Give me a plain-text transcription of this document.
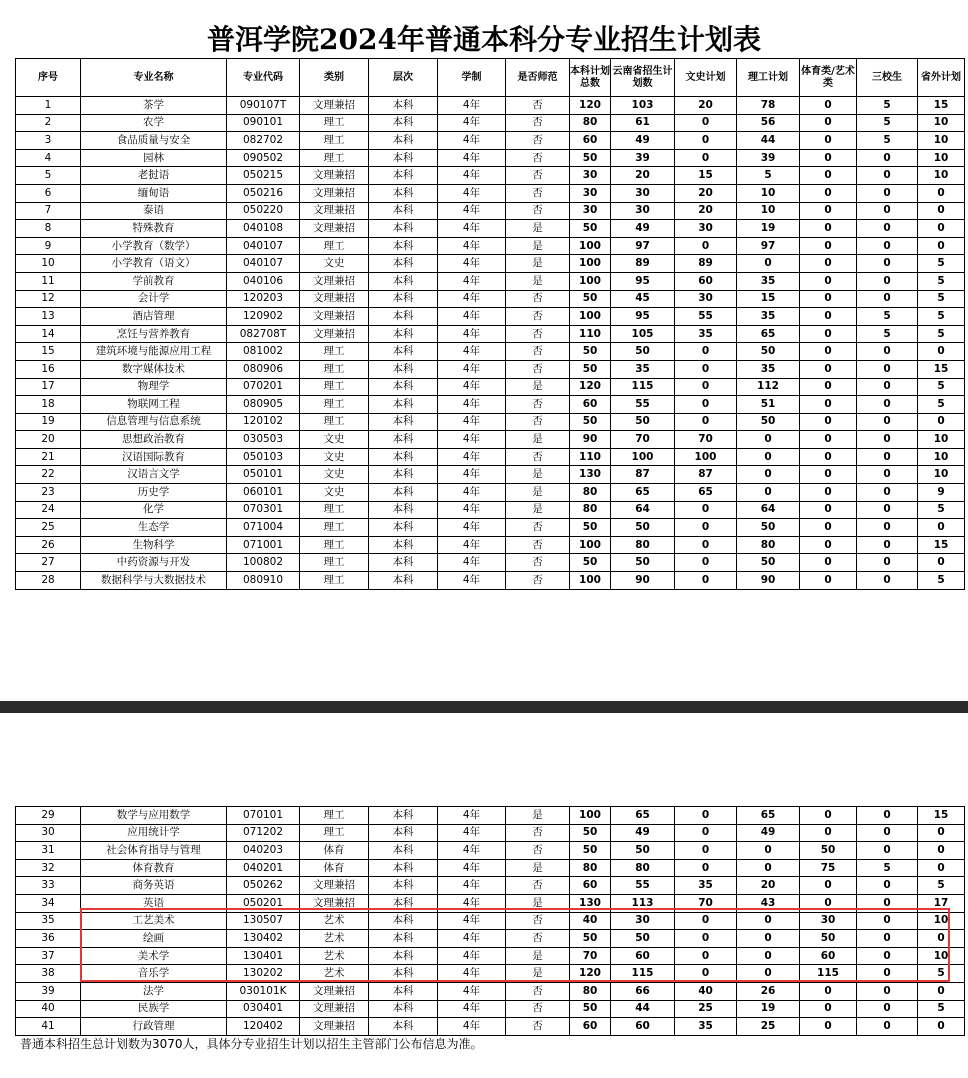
普洱学院2024年普通本科分专业招生计划表
序号	专业名称	专业代码	类别	层次	学制	是否师范	本科计划总数	云南省招生计划数	文史计划	理工计划	体育类/艺术类	三校生	省外计划
1	茶学	090107T	文理兼招	本科	4年	否	120	103	20	78	0	5	15
2	农学	090101	理工	本科	4年	否	80	61	0	56	0	5	10
3	食品质量与安全	082702	理工	本科	4年	否	60	49	0	44	0	5	10
4	园林	090502	理工	本科	4年	否	50	39	0	39	0	0	10
5	老挝语	050215	文理兼招	本科	4年	否	30	20	15	5	0	0	10
6	缅甸语	050216	文理兼招	本科	4年	否	30	30	20	10	0	0	0
7	泰语	050220	文理兼招	本科	4年	否	30	30	20	10	0	0	0
8	特殊教育	040108	文理兼招	本科	4年	是	50	49	30	19	0	0	0
9	小学教育（数学）	040107	理工	本科	4年	是	100	97	0	97	0	0	0
10	小学教育（语文）	040107	文史	本科	4年	是	100	89	89	0	0	0	5
11	学前教育	040106	文理兼招	本科	4年	是	100	95	60	35	0	0	5
12	会计学	120203	文理兼招	本科	4年	否	50	45	30	15	0	0	5
13	酒店管理	120902	文理兼招	本科	4年	否	100	95	55	35	0	5	5
14	烹饪与营养教育	082708T	文理兼招	本科	4年	否	110	105	35	65	0	5	5
15	建筑环境与能源应用工程	081002	理工	本科	4年	否	50	50	0	50	0	0	0
16	数字媒体技术	080906	理工	本科	4年	否	50	35	0	35	0	0	15
17	物理学	070201	理工	本科	4年	是	120	115	0	112	0	0	5
18	物联网工程	080905	理工	本科	4年	否	60	55	0	51	0	0	5
19	信息管理与信息系统	120102	理工	本科	4年	否	50	50	0	50	0	0	0
20	思想政治教育	030503	文史	本科	4年	是	90	70	70	0	0	0	10
21	汉语国际教育	050103	文史	本科	4年	否	110	100	100	0	0	0	10
22	汉语言文学	050101	文史	本科	4年	是	130	87	87	0	0	0	10
23	历史学	060101	文史	本科	4年	是	80	65	65	0	0	0	9
24	化学	070301	理工	本科	4年	是	80	64	0	64	0	0	5
25	生态学	071004	理工	本科	4年	否	50	50	0	50	0	0	0
26	生物科学	071001	理工	本科	4年	否	100	80	0	80	0	0	15
27	中药资源与开发	100802	理工	本科	4年	否	50	50	0	50	0	0	0
28	数据科学与大数据技术	080910	理工	本科	4年	否	100	90	0	90	0	0	5
29	数学与应用数学	070101	理工	本科	4年	是	100	65	0	65	0	0	15
30	应用统计学	071202	理工	本科	4年	否	50	49	0	49	0	0	0
31	社会体育指导与管理	040203	体育	本科	4年	否	50	50	0	0	50	0	0
32	体育教育	040201	体育	本科	4年	是	80	80	0	0	75	5	0
33	商务英语	050262	文理兼招	本科	4年	否	60	55	35	20	0	0	5
34	英语	050201	文理兼招	本科	4年	是	130	113	70	43	0	0	17
35	工艺美术	130507	艺术	本科	4年	否	40	30	0	0	30	0	10
36	绘画	130402	艺术	本科	4年	否	50	50	0	0	50	0	0
37	美术学	130401	艺术	本科	4年	是	70	60	0	0	60	0	10
38	音乐学	130202	艺术	本科	4年	是	120	115	0	0	115	0	5
39	法学	030101K	文理兼招	本科	4年	否	80	66	40	26	0	0	0
40	民族学	030401	文理兼招	本科	4年	否	50	44	25	19	0	0	5
41	行政管理	120402	文理兼招	本科	4年	否	60	60	35	25	0	0	0
普通本科招生总计划数为3070人，具体分专业招生计划以招生主管部门公布信息为准。
